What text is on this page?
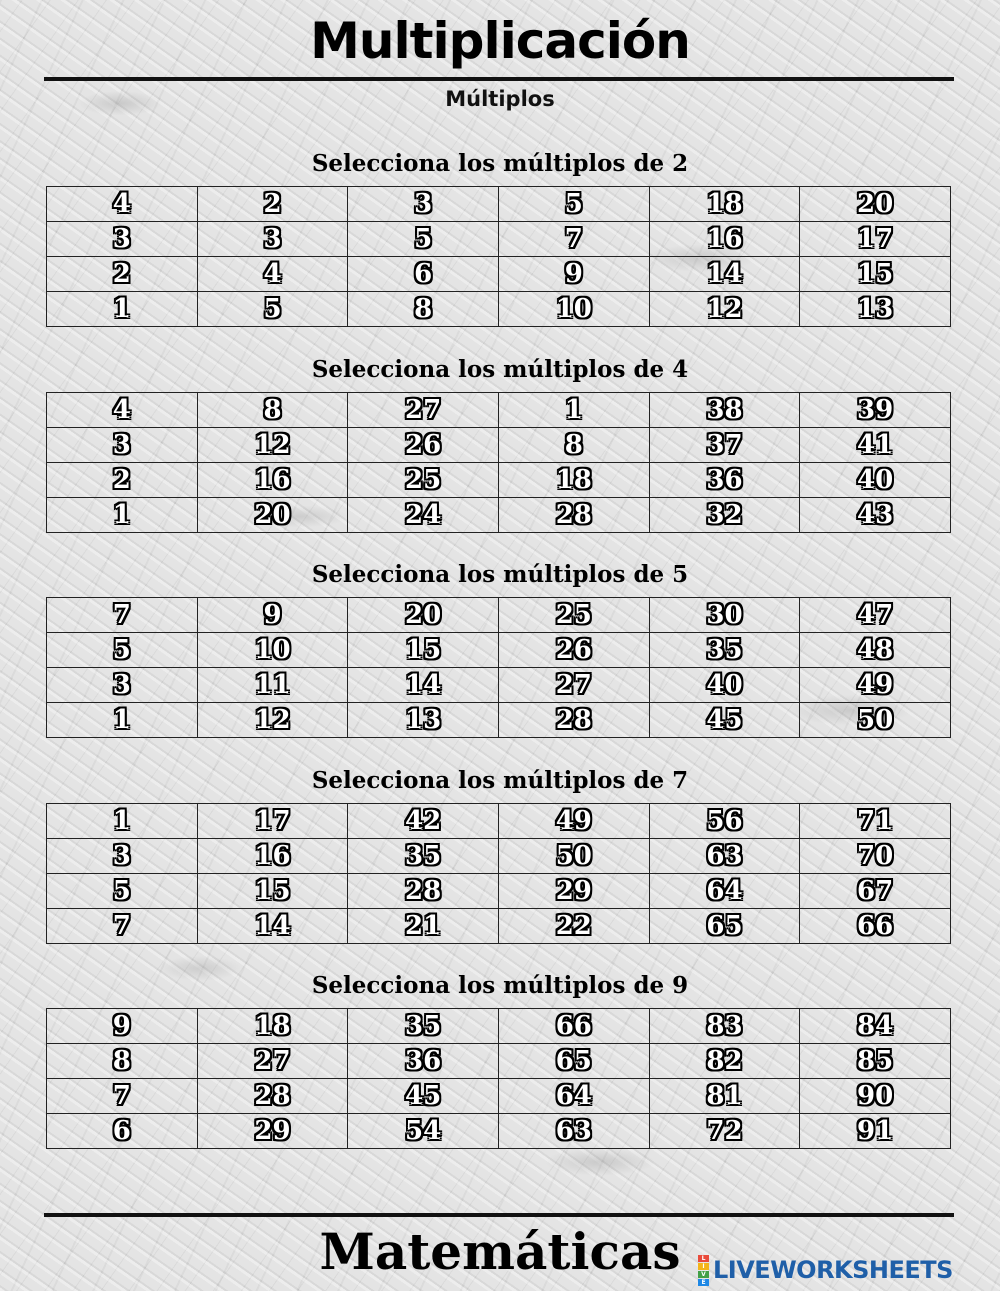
Multiplicación
Múltiplos
Selecciona los múltiplos de 2
4	2	3	5	18	20
3	3	5	7	16	17
2	4	6	9	14	15
1	5	8	10	12	13
Selecciona los múltiplos de 4
4	8	27	1	38	39
3	12	26	8	37	41
2	16	25	18	36	40
1	20	24	28	32	43
Selecciona los múltiplos de 5
7	9	20	25	30	47
5	10	15	26	35	48
3	11	14	27	40	49
1	12	13	28	45	50
Selecciona los múltiplos de 7
1	17	42	49	56	71
3	16	35	50	63	70
5	15	28	29	64	67
7	14	21	22	65	66
Selecciona los múltiplos de 9
9	18	35	66	83	84
8	27	36	65	82	85
7	28	45	64	81	90
6	29	54	63	72	91
Matemáticas	L
I
V
E LIVEWORKSHEETS
